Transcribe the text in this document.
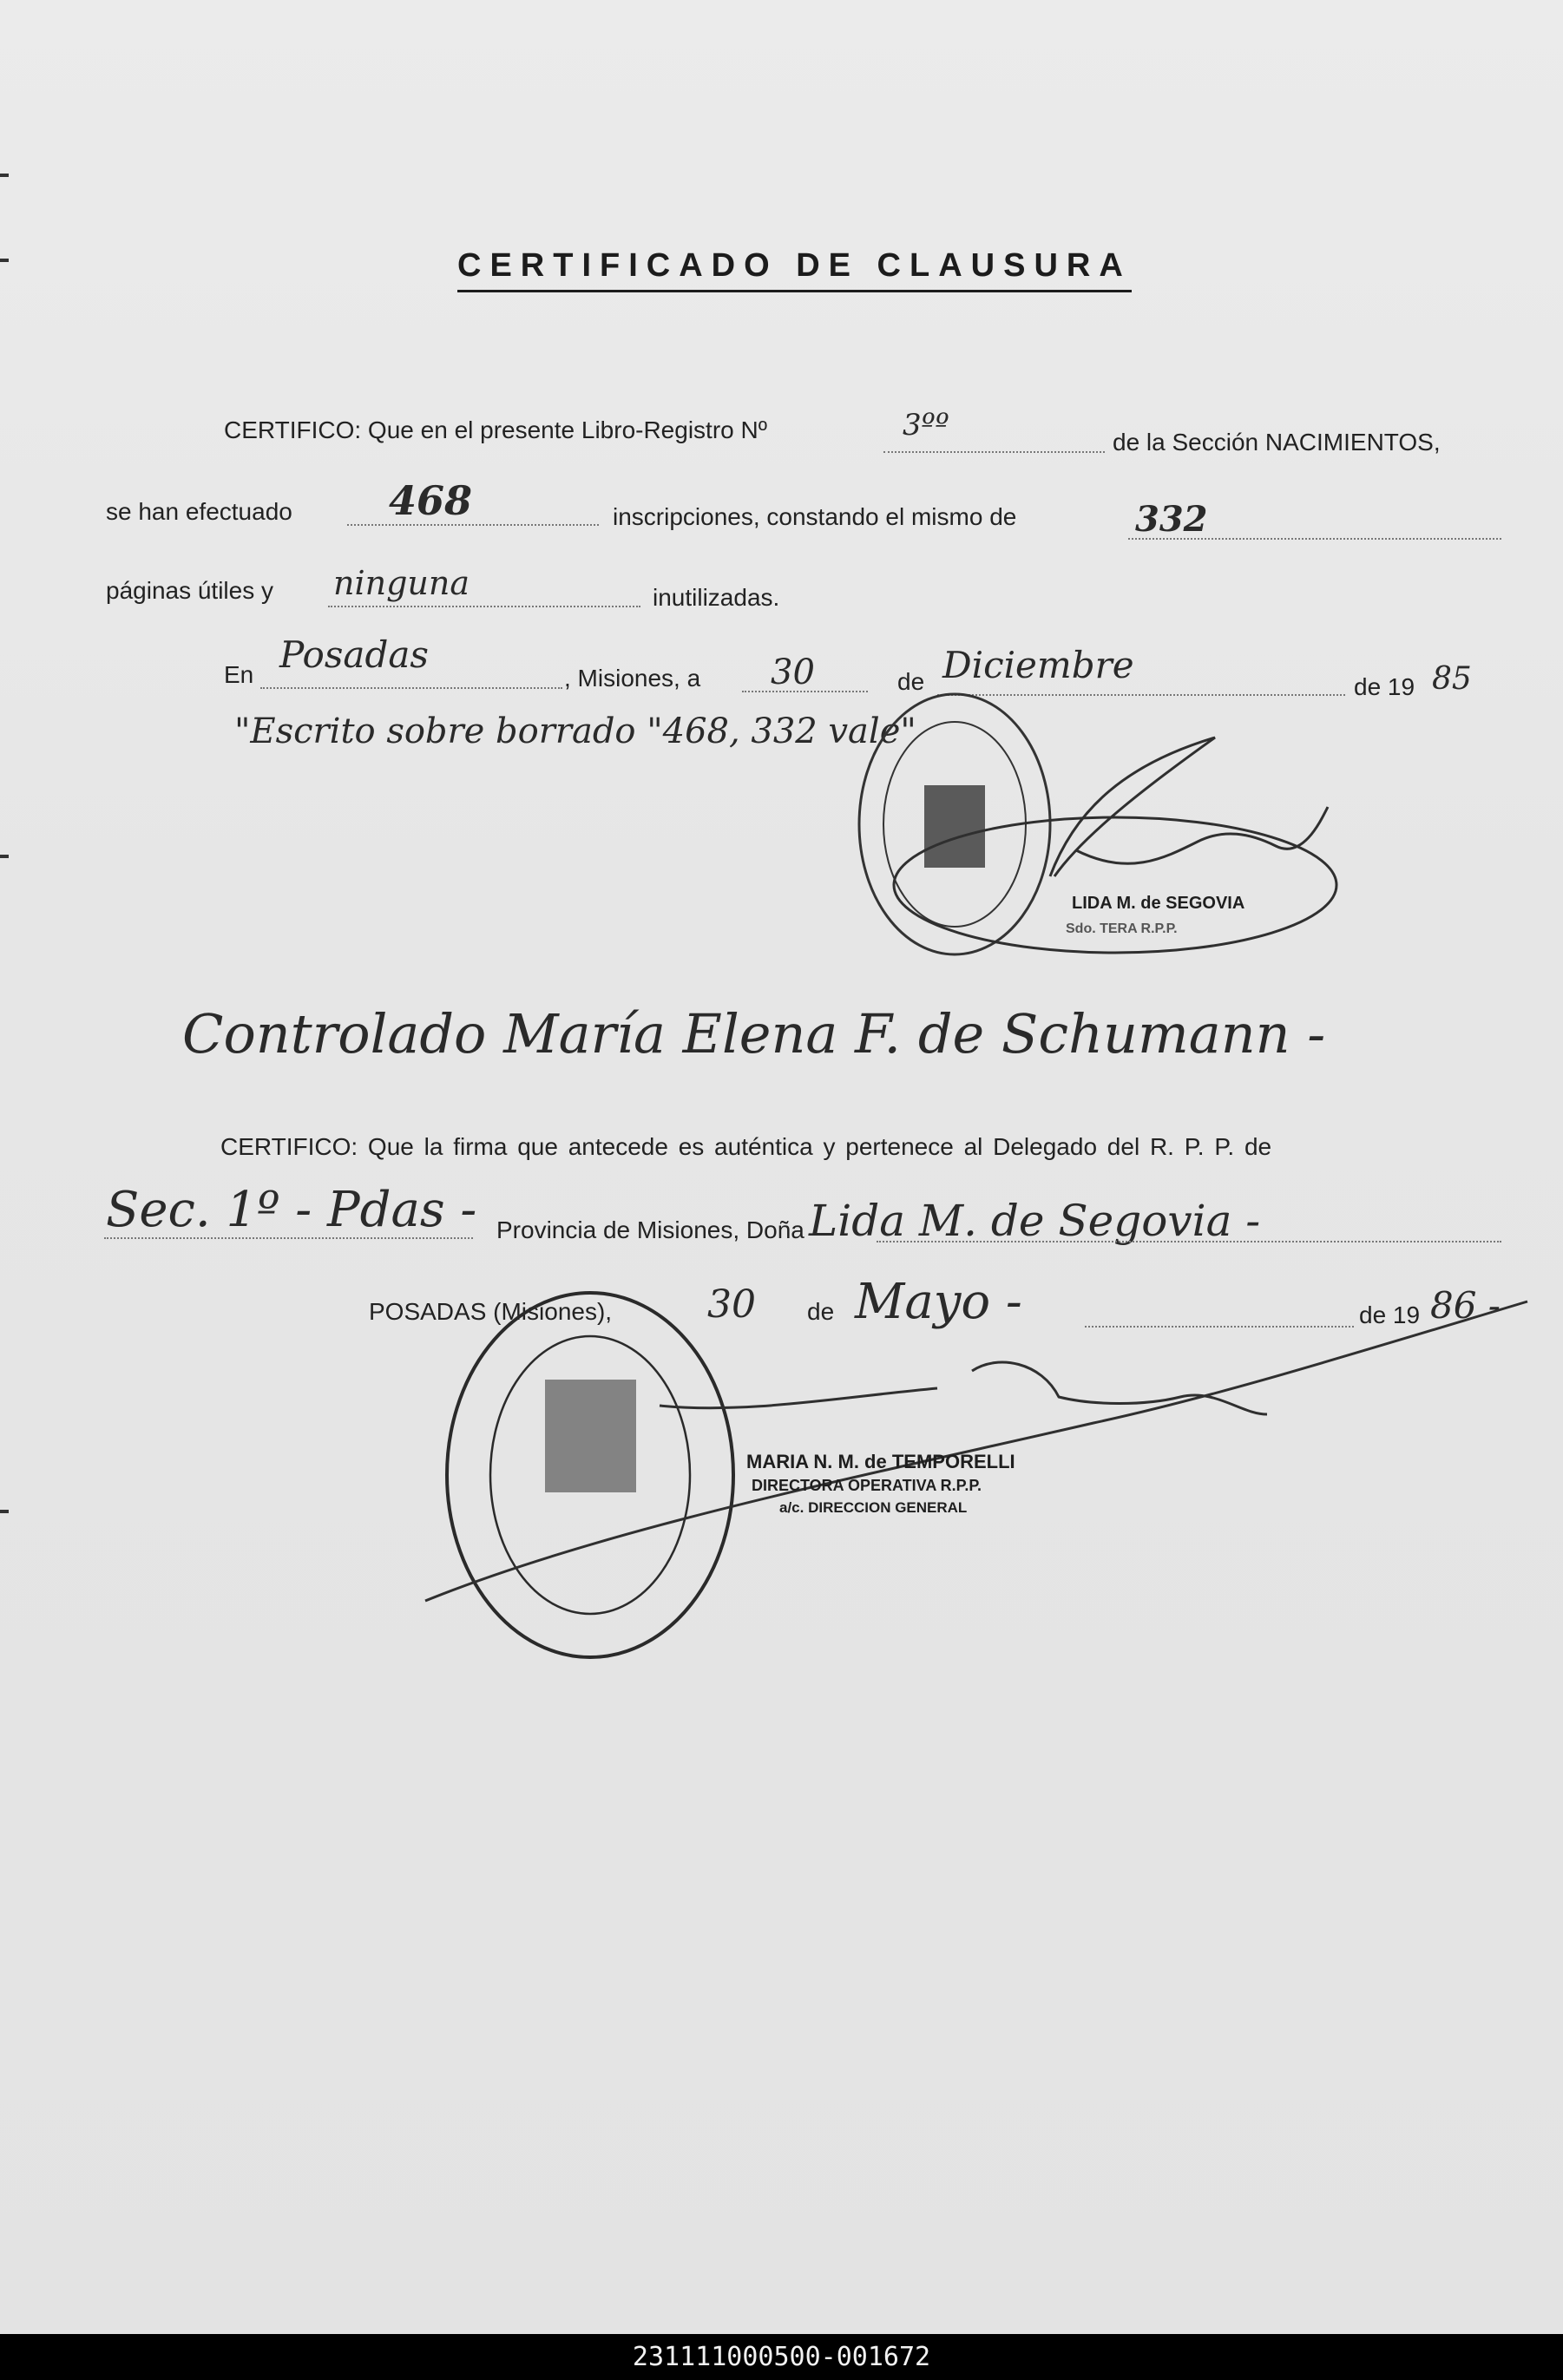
CERTIFICADO DE CLAUSURA
CERTIFICO: Que en el presente Libro-Registro Nº	3ºº	de la Sección NACIMIENTOS,
se han efectuado 468	inscripciones, constando el mismo de	332
páginas útiles y ninguna	inutilizadas.
En Posadas
, Misiones, a 30	de Diciembre
de 19 85
"Escrito sobre borrado "468, 332 vale"
Controlado María Elena F. de Schumann -
CERTIFICO: Que la firma que antecede es auténtica y pertenece al Delegado del R. P. P. de
Sec. 1º - Pdas - Provincia de Misiones, Doña Lida M. de Segovia -
POSADAS (Misiones), 30 de Mayo -	de 19 86 -
LIDA M. de SEGOVIA
Sdo. TERA R.P.P.
MARIA N. M. de TEMPORELLI
DIRECTORA OPERATIVA R.P.P.
a/c. DIRECCION GENERAL
231111000500-001672
